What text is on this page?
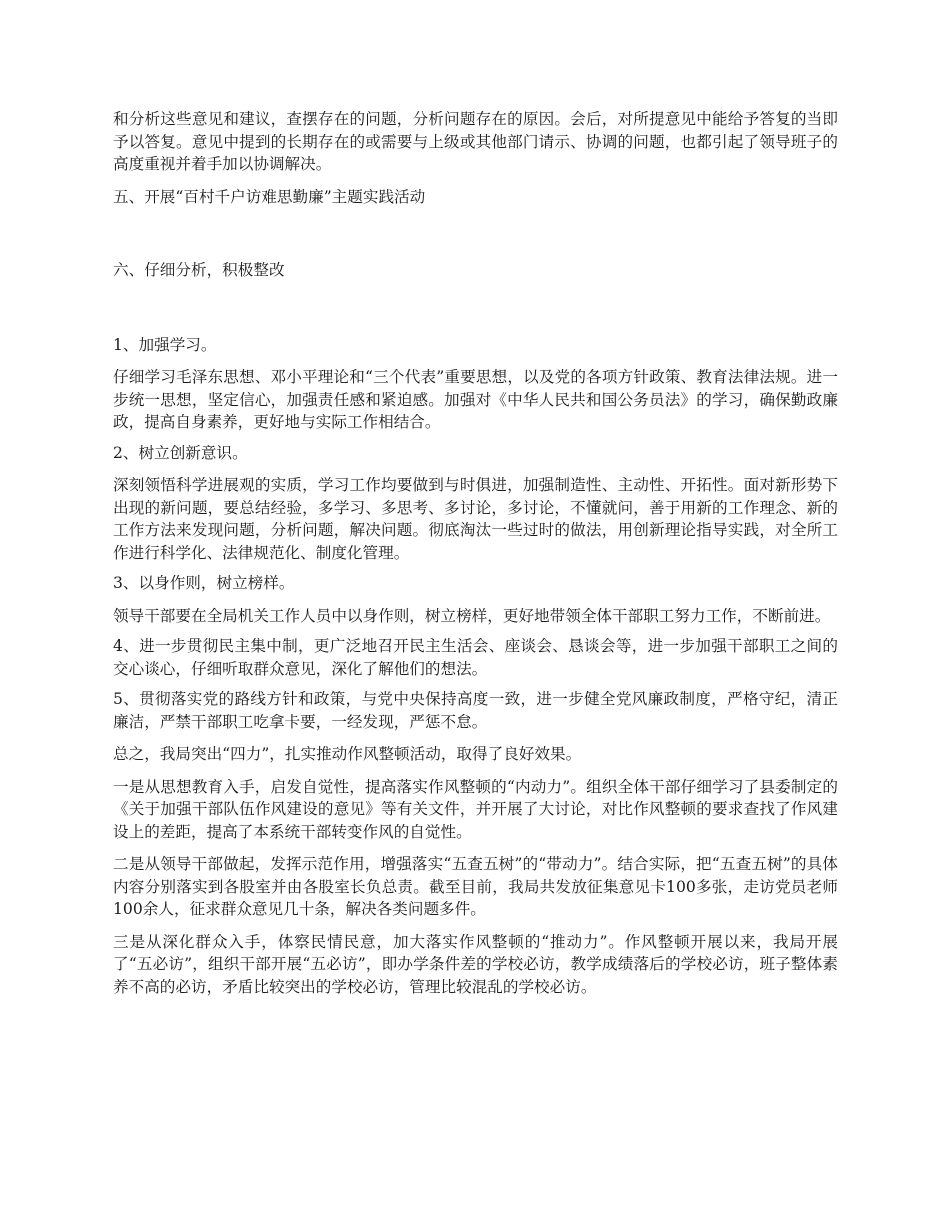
和分析这些意见和建议，查摆存在的问题，分析问题存在的原因。会后，对所提意见中能给予答复的当即予以答复。意见中提到的长期存在的或需要与上级或其他部门请示、协调的问题，也都引起了领导班子的高度重视并着手加以协调解决。

五、开展“百村千户访难思勤廉”主题实践活动

六、仔细分析，积极整改

1、加强学习。

仔细学习毛泽东思想、邓小平理论和“三个代表”重要思想，以及党的各项方针政策、教育法律法规。进一步统一思想，坚定信心，加强责任感和紧迫感。加强对《中华人民共和国公务员法》的学习，确保勤政廉政，提高自身素养，更好地与实际工作相结合。

2、树立创新意识。

深刻领悟科学进展观的实质，学习工作均要做到与时俱进，加强制造性、主动性、开拓性。面对新形势下出现的新问题，要总结经验，多学习、多思考、多讨论，多讨论，不懂就问，善于用新的工作理念、新的工作方法来发现问题，分析问题，解决问题。彻底淘汰一些过时的做法，用创新理论指导实践，对全所工作进行科学化、法律规范化、制度化管理。

3、以身作则，树立榜样。

领导干部要在全局机关工作人员中以身作则，树立榜样，更好地带领全体干部职工努力工作，不断前进。

4、进一步贯彻民主集中制，更广泛地召开民主生活会、座谈会、恳谈会等，进一步加强干部职工之间的交心谈心，仔细听取群众意见，深化了解他们的想法。

5、贯彻落实党的路线方针和政策，与党中央保持高度一致，进一步健全党风廉政制度，严格守纪，清正廉洁，严禁干部职工吃拿卡要，一经发现，严惩不怠。

总之，我局突出“四力”，扎实推动作风整顿活动，取得了良好效果。

一是从思想教育入手，启发自觉性，提高落实作风整顿的“内动力”。组织全体干部仔细学习了县委制定的《关于加强干部队伍作风建设的意见》等有关文件，并开展了大讨论，对比作风整顿的要求查找了作风建设上的差距，提高了本系统干部转变作风的自觉性。

二是从领导干部做起，发挥示范作用，增强落实“五查五树”的“带动力”。结合实际，把“五查五树”的具体内容分别落实到各股室并由各股室长负总责。截至目前，我局共发放征集意见卡100多张，走访党员老师100余人，征求群众意见几十条，解决各类问题多件。

三是从深化群众入手，体察民情民意，加大落实作风整顿的“推动力”。作风整顿开展以来，我局开展了“五必访”，组织干部开展“五必访”，即办学条件差的学校必访，教学成绩落后的学校必访，班子整体素养不高的必访，矛盾比较突出的学校必访，管理比较混乱的学校必访。
